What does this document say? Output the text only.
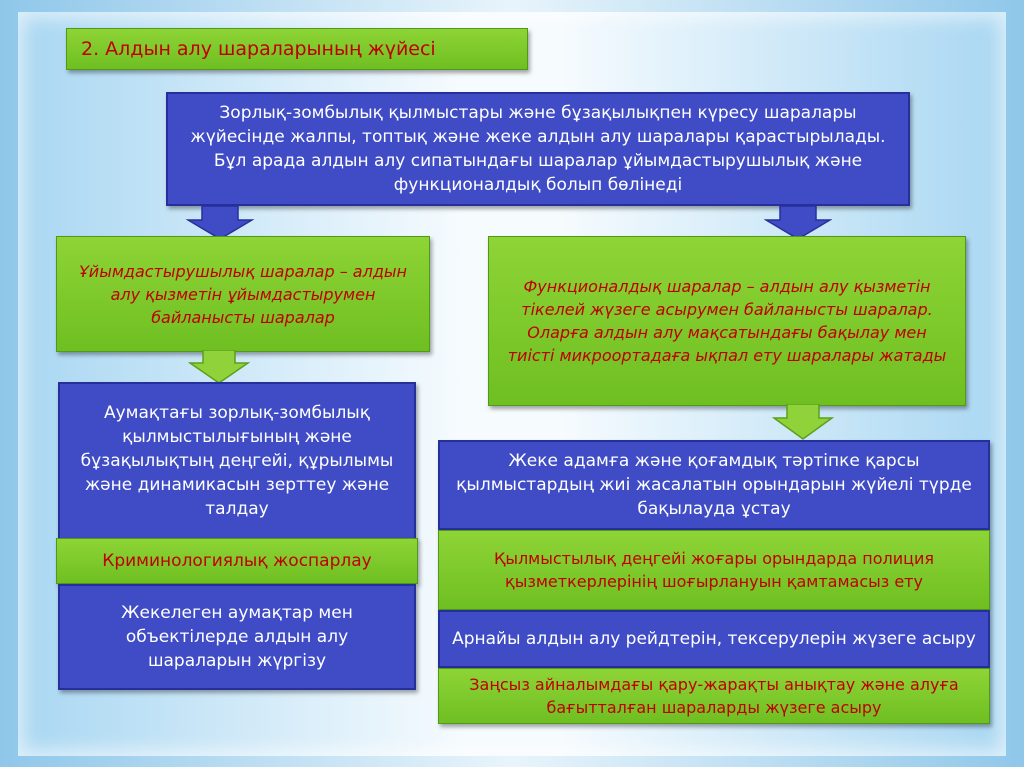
2. Алдын алу шараларының жүйесі
Зорлық-зомбылық қылмыстары және бұзақылықпен күресу шаралары жүйесінде жалпы, топтық және жеке алдын алу шаралары қарастырылады. Бұл арада алдын алу сипатындағы шаралар ұйымдастырушылық және функционалдық болып бөлінеді
Ұйымдастырушылық шаралар – алдын алу қызметін ұйымдастырумен байланысты шаралар
Аумақтағы зорлық-зомбылық қылмыстылығының және бұзақылықтың деңгейі, құрылымы және динамикасын зерттеу және талдау
Криминологиялық жоспарлау
Жекелеген аумақтар мен объектілерде алдын алу шараларын жүргізу
Функционалдық шаралар – алдын алу қызметін тікелей жүзеге асырумен байланысты шаралар. Оларға алдын алу мақсатындағы бақылау мен тиісті микроортадаға ықпал ету шаралары жатады
Жеке адамға және қоғамдық тәртіпке қарсы қылмыстардың жиі жасалатын орындарын жүйелі түрде бақылауда ұстау
Қылмыстылық деңгейі жоғары орындарда полиция қызметкерлерінің шоғырлануын қамтамасыз ету
Арнайы алдын алу рейдтерін, тексерулерін жүзеге асыру
Заңсыз айналымдағы қару-жарақты анықтау және алуға бағытталған шараларды жүзеге асыру
